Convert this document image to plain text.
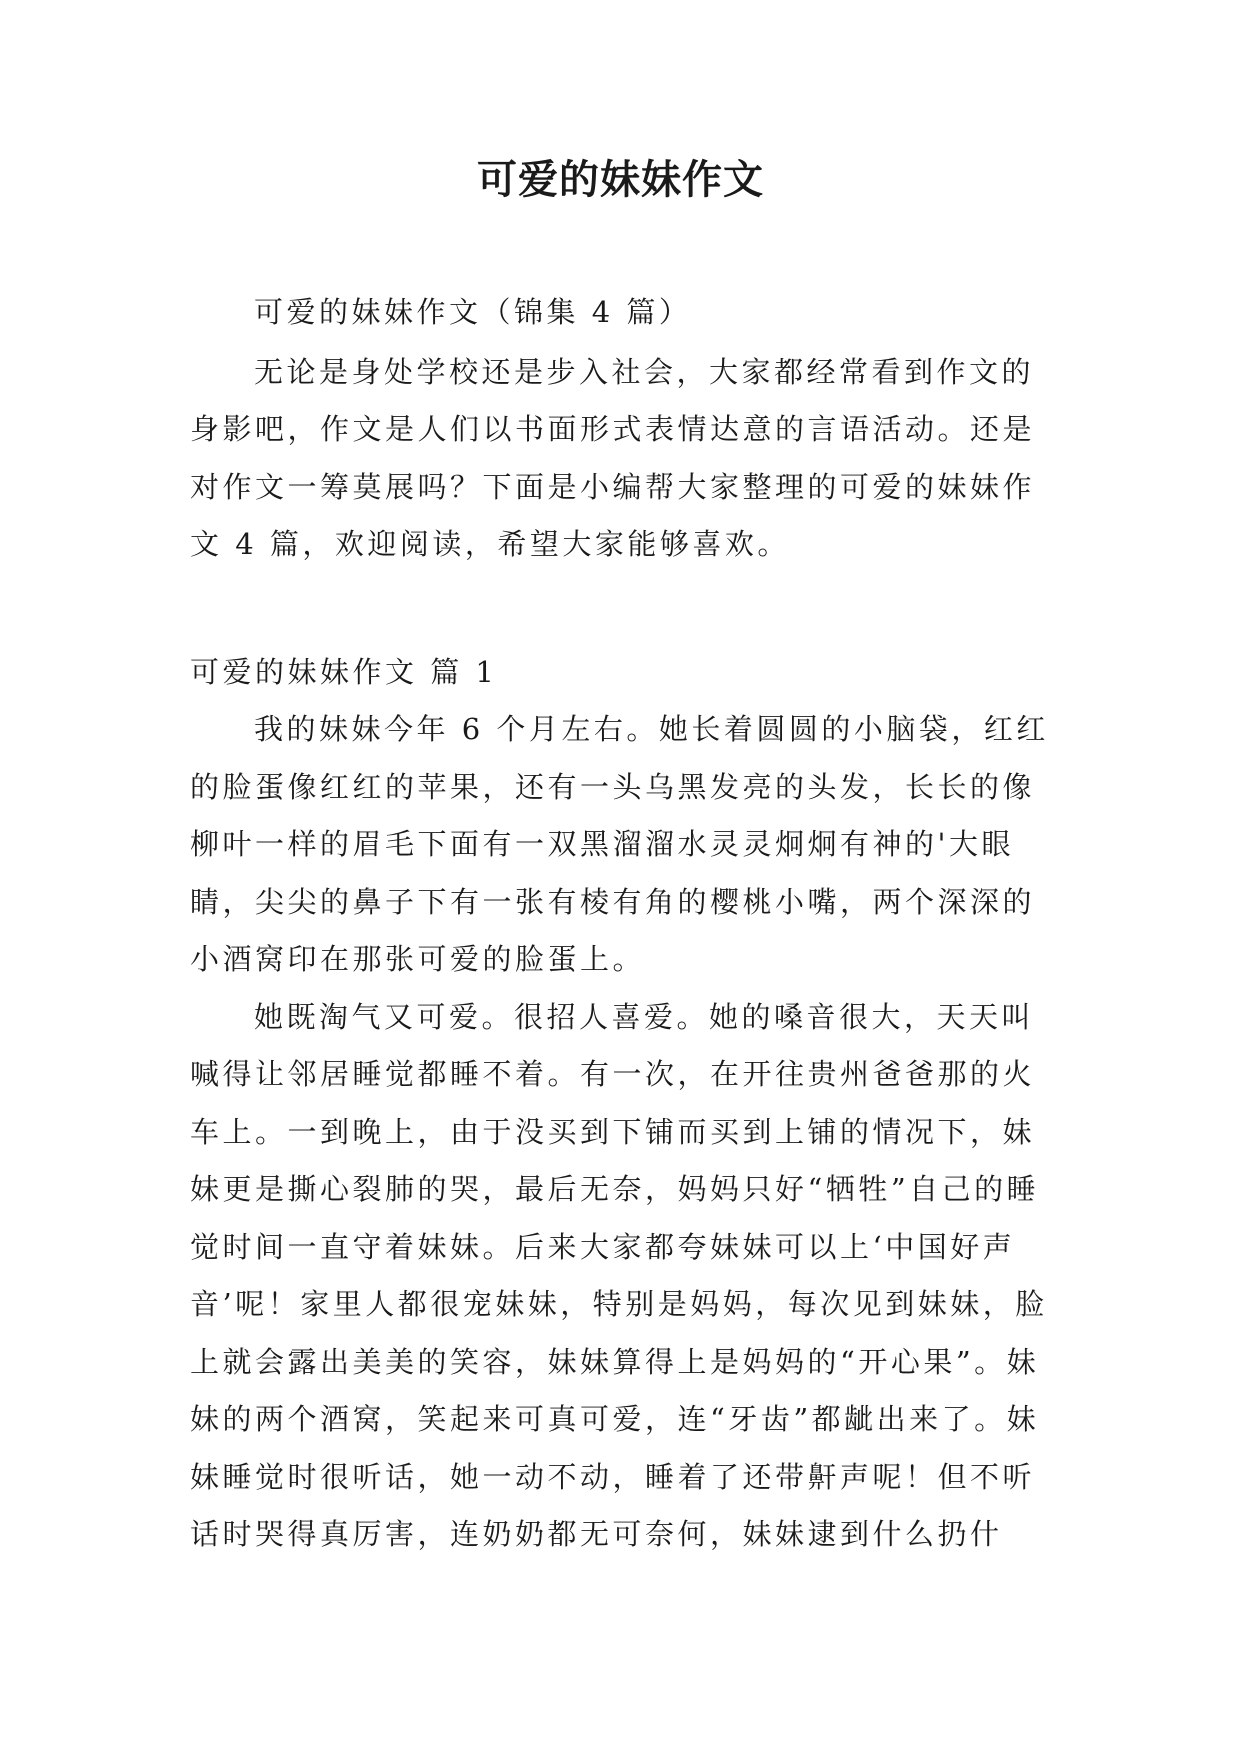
可爱的妹妹作文

可爱的妹妹作文（锦集 4 篇）

无论是身处学校还是步入社会，大家都经常看到作文的身影吧，作文是人们以书面形式表情达意的言语活动。还是对作文一筹莫展吗？下面是小编帮大家整理的可爱的妹妹作文 4 篇，欢迎阅读，希望大家能够喜欢。

可爱的妹妹作文 篇 1

我的妹妹今年 6 个月左右。她长着圆圆的小脑袋，红红的脸蛋像红红的苹果，还有一头乌黑发亮的头发，长长的像柳叶一样的眉毛下面有一双黑溜溜水灵灵炯炯有神的'大眼睛，尖尖的鼻子下有一张有棱有角的樱桃小嘴，两个深深的小酒窝印在那张可爱的脸蛋上。

她既淘气又可爱。很招人喜爱。她的嗓音很大，天天叫喊得让邻居睡觉都睡不着。有一次，在开往贵州爸爸那的火车上。一到晚上，由于没买到下铺而买到上铺的情况下，妹妹更是撕心裂肺的哭，最后无奈，妈妈只好“牺牲”自己的睡觉时间一直守着妹妹。后来大家都夸妹妹可以上‘中国好声音’呢！家里人都很宠妹妹，特别是妈妈，每次见到妹妹，脸上就会露出美美的笑容，妹妹算得上是妈妈的“开心果”。妹妹的两个酒窝，笑起来可真可爱，连“牙齿”都龇出来了。妹妹睡觉时很听话，她一动不动，睡着了还带鼾声呢！但不听话时哭得真厉害，连奶奶都无可奈何，妹妹逮到什么扔什
